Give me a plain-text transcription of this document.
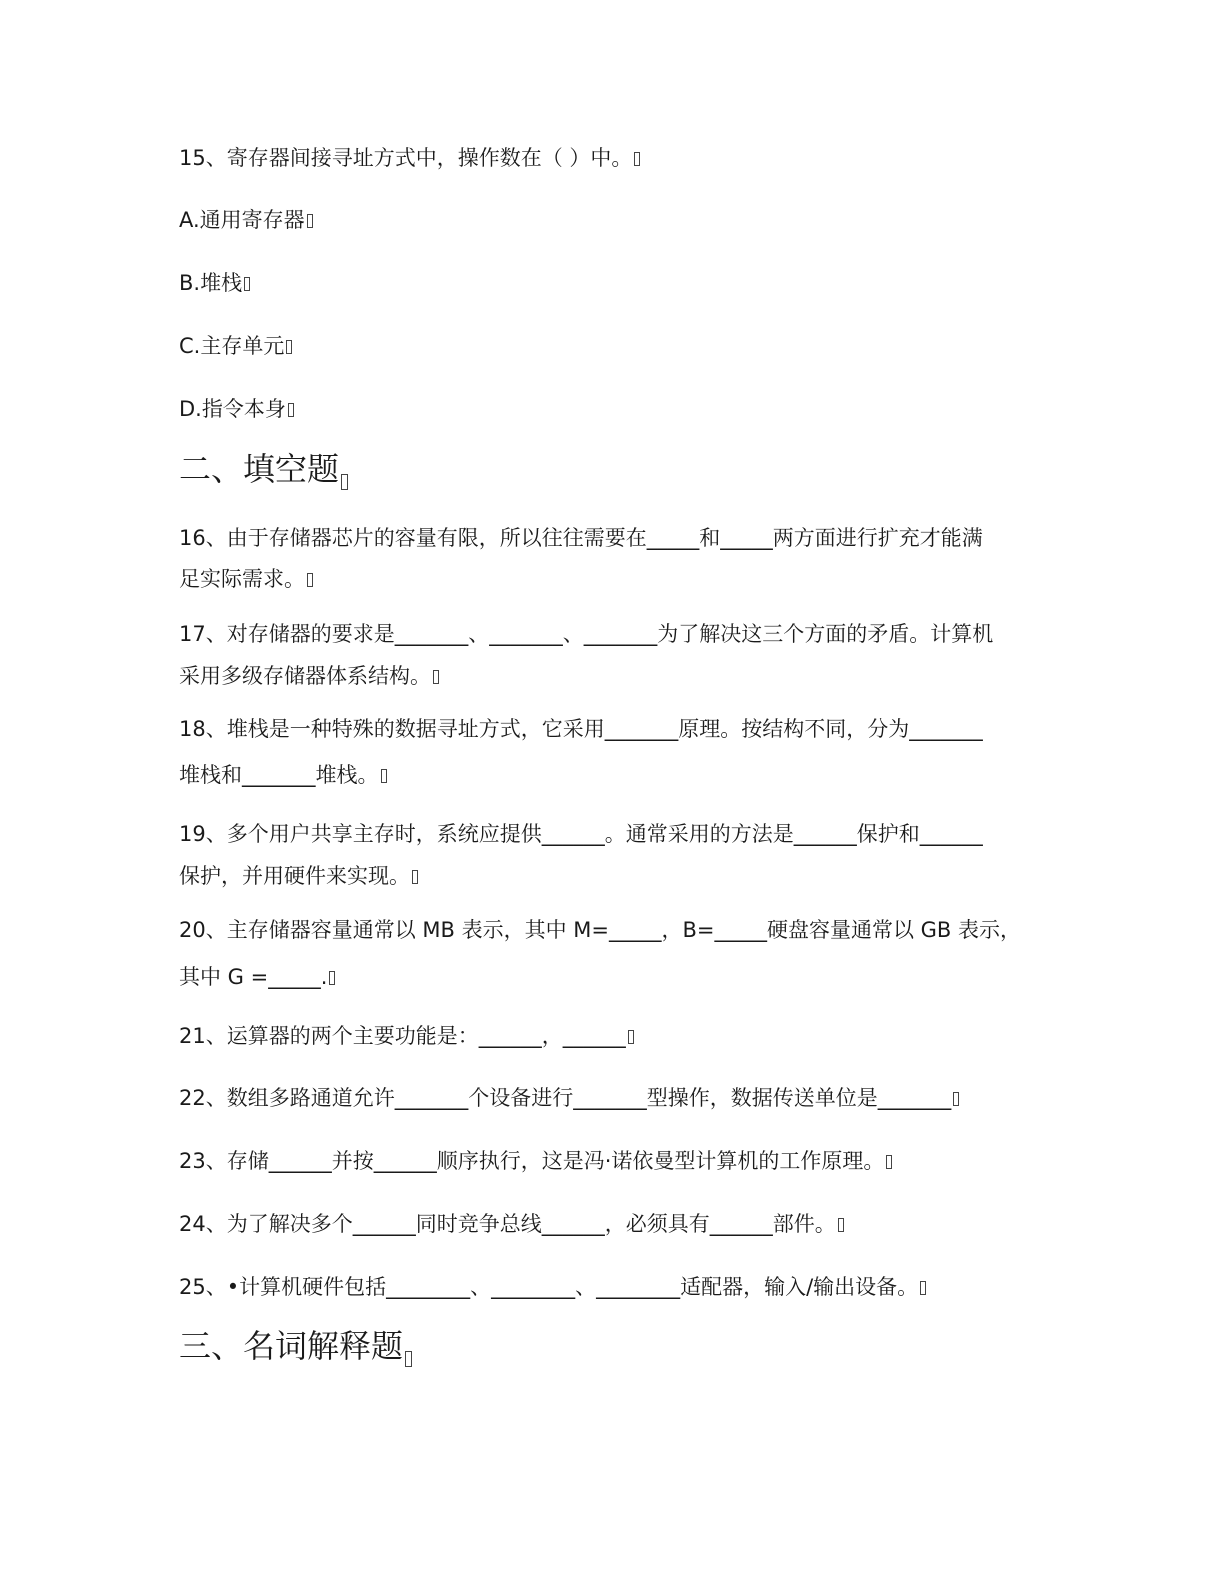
15、寄存器间接寻址方式中，操作数在（ ）中。
A.通用寄存器
B.堆栈
C.主存单元
D.指令本身
二、填空题
16、由于存储器芯片的容量有限，所以往往需要在_____和_____两方面进行扩充才能满
足实际需求。
17、对存储器的要求是_______、_______、_______为了解决这三个方面的矛盾。计算机
采用多级存储器体系结构。
18、堆栈是一种特殊的数据寻址方式，它采用_______原理。按结构不同，分为_______
堆栈和_______堆栈。
19、多个用户共享主存时，系统应提供______。通常采用的方法是______保护和______
保护，并用硬件来实现。
20、主存储器容量通常以 MB 表示，其中 M=_____，B=_____硬盘容量通常以 GB 表示，
其中 G =_____.
21、运算器的两个主要功能是：______，______
22、数组多路通道允许_______个设备进行_______型操作，数据传送单位是_______
23、存储______并按______顺序执行，这是冯·诺依曼型计算机的工作原理。
24、为了解决多个______同时竞争总线______，必须具有______部件。
25、•计算机硬件包括________、________、________适配器，输入/输出设备。
三、名词解释题
